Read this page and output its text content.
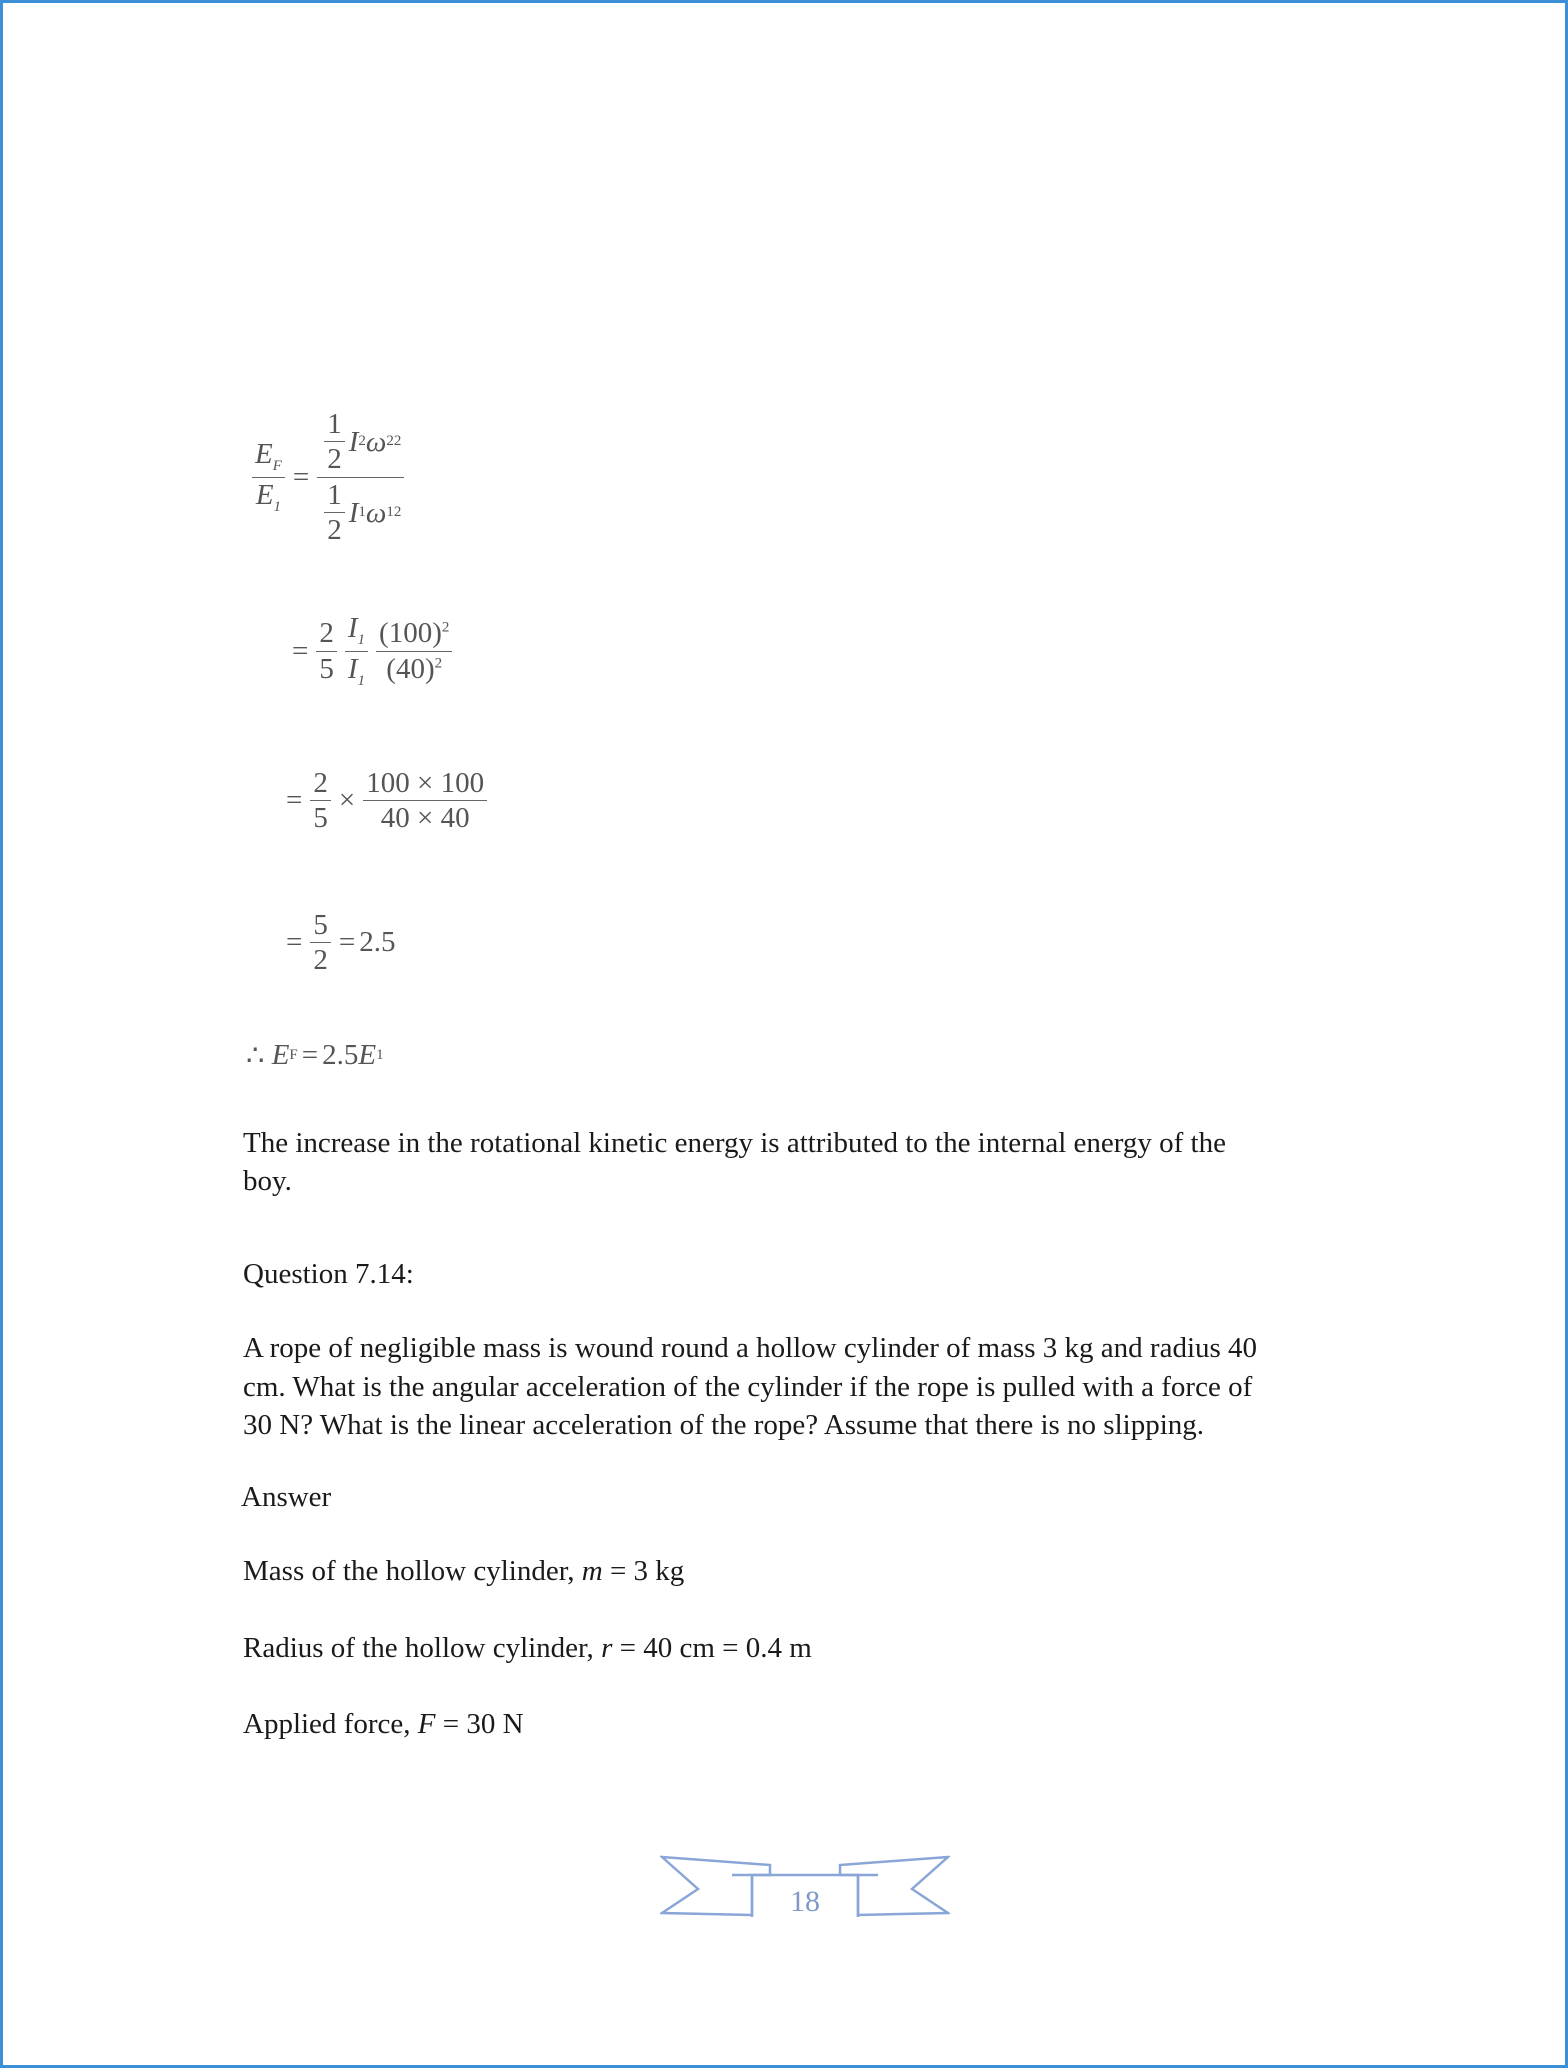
$\frac{E_F}{E_1} = \frac{\frac{1}{2} I 2 \omega 2 2}{\frac{1}{2} I 1 \omega 1 2}$
= $\frac{2}{5} \frac{I_1}{I_1} \frac{(100)^2}{(40)^2}$
= $\frac{2}{5} \times \frac{100 \times 100}{40 \times 40}$
= $\frac{5}{2} = 2.5$
∴
E F = 2.5 E 1
The increase in the rotational kinetic energy is attributed to the internal energy of the
boy.
Question 7.14:
A rope of negligible mass is wound round a hollow cylinder of mass 3 kg and radius 40
cm. What is the angular acceleration of the cylinder if the rope is pulled with a force of
30 N? What is the linear acceleration of the rope? Assume that there is no slipping.
Answer
Mass of the hollow cylinder, m = 3 kg
Radius of the hollow cylinder, r = 40 cm = 0.4 m
Applied force, F = 30 N
18
